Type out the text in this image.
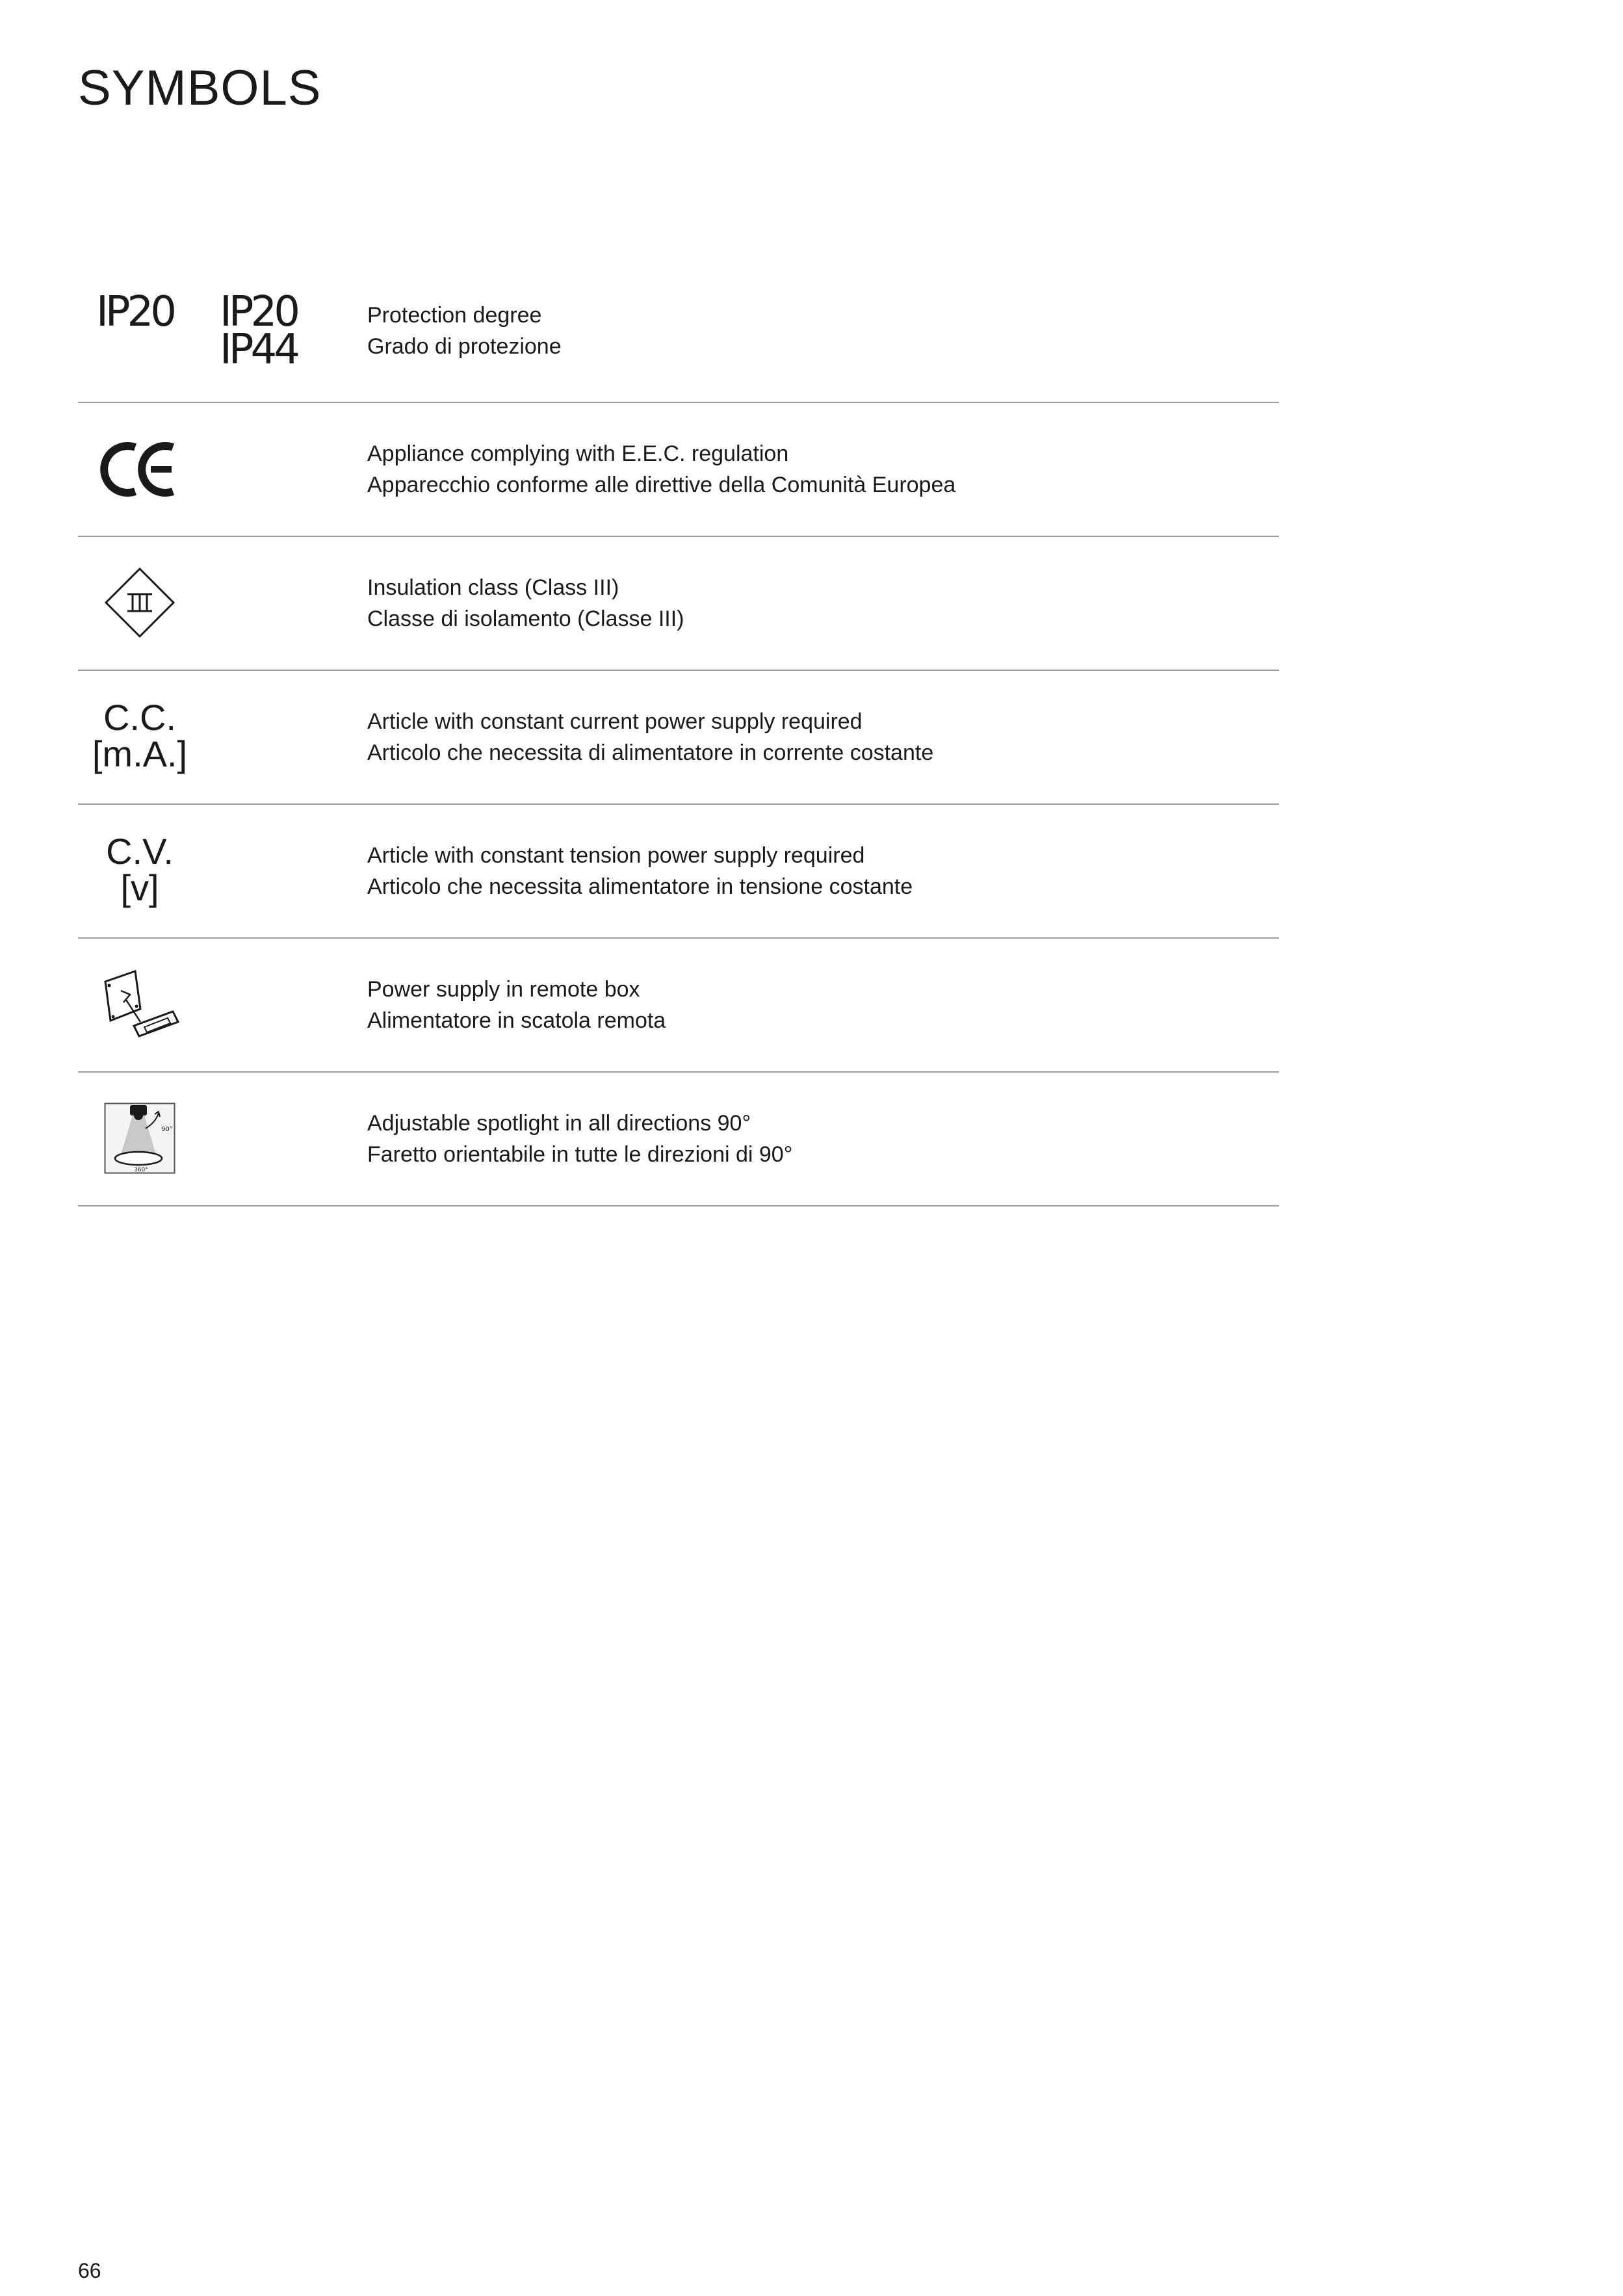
SYMBOLS
IP20 IP20
IP44
Protection degree
Grado di protezione
Appliance complying with E.E.C. regulation
Apparecchio conforme alle direttive della Comunità Europea
Insulation class (Class III)
Classe di isolamento (Classe III)
C.C.
[m.A.]
Article with constant current power supply required
Articolo che necessita di alimentatore in corrente costante
C.V.
[v]
Article with constant tension power supply required
Articolo che necessita alimentatore in tensione costante
Power supply in remote box
Alimentatore in scatola remota
90°
360°
Adjustable spotlight in all directions 90°
Faretto orientabile in tutte le direzioni di 90°
66
